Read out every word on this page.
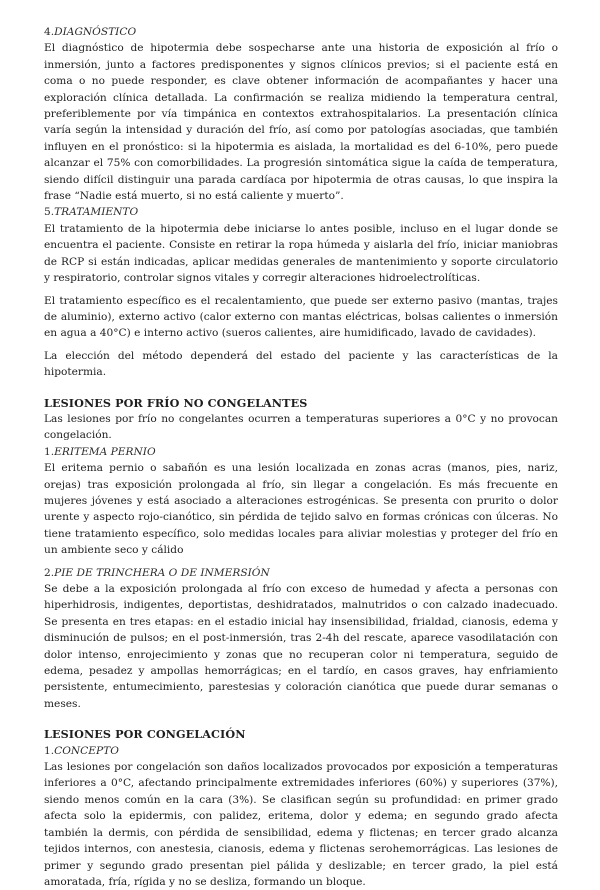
4.DIAGNÓSTICO

El diagnóstico de hipotermia debe sospecharse ante una historia de exposición al frío o inmersión, junto a factores predisponentes y signos clínicos previos; si el paciente está en coma o no puede responder, es clave obtener información de acompañantes y hacer una exploración clínica detallada. La confirmación se realiza midiendo la temperatura central, preferiblemente por vía timpánica en contextos extrahospitalarios. La presentación clínica varía según la intensidad y duración del frío, así como por patologías asociadas, que también influyen en el pronóstico: si la hipotermia es aislada, la mortalidad es del 6-10%, pero puede alcanzar el 75% con comorbilidades. La progresión sintomática sigue la caída de temperatura, siendo difícil distinguir una parada cardíaca por hipotermia de otras causas, lo que inspira la frase “Nadie está muerto, si no está caliente y muerto”.

5.TRATAMIENTO

El tratamiento de la hipotermia debe iniciarse lo antes posible, incluso en el lugar donde se encuentra el paciente. Consiste en retirar la ropa húmeda y aislarla del frío, iniciar maniobras de RCP si están indicadas, aplicar medidas generales de mantenimiento y soporte circulatorio y respiratorio, controlar signos vitales y corregir alteraciones hidroelectrolíticas.

El tratamiento específico es el recalentamiento, que puede ser externo pasivo (mantas, trajes de aluminio), externo activo (calor externo con mantas eléctricas, bolsas calientes o inmersión en agua a 40°C) e interno activo (sueros calientes, aire humidificado, lavado de cavidades).

La elección del método dependerá del estado del paciente y las características de la hipotermia.

LESIONES POR FRÍO NO CONGELANTES

Las lesiones por frío no congelantes ocurren a temperaturas superiores a 0°C y no provocan congelación.

1.ERITEMA PERNIO

El eritema pernio o sabañón es una lesión localizada en zonas acras (manos, pies, nariz, orejas) tras exposición prolongada al frío, sin llegar a congelación. Es más frecuente en mujeres jóvenes y está asociado a alteraciones estrogénicas. Se presenta con prurito o dolor urente y aspecto rojo-cianótico, sin pérdida de tejido salvo en formas crónicas con úlceras. No tiene tratamiento específico, solo medidas locales para aliviar molestias y proteger del frío en un ambiente seco y cálido

2.PIE DE TRINCHERA O DE INMERSIÓN

Se debe a la exposición prolongada al frío con exceso de humedad y afecta a personas con hiperhidrosis, indigentes, deportistas, deshidratados, malnutridos o con calzado inadecuado. Se presenta en tres etapas: en el estadio inicial hay insensibilidad, frialdad, cianosis, edema y disminución de pulsos; en el post-inmersión, tras 2-4h del rescate, aparece vasodilatación con dolor intenso, enrojecimiento y zonas que no recuperan color ni temperatura, seguido de edema, pesadez y ampollas hemorrágicas; en el tardío, en casos graves, hay enfriamiento persistente, entumecimiento, parestesias y coloración cianótica que puede durar semanas o meses.

LESIONES POR CONGELACIÓN

1.CONCEPTO

Las lesiones por congelación son daños localizados provocados por exposición a temperaturas inferiores a 0°C, afectando principalmente extremidades inferiores (60%) y superiores (37%), siendo menos común en la cara (3%). Se clasifican según su profundidad: en primer grado afecta solo la epidermis, con palidez, eritema, dolor y edema; en segundo grado afecta también la dermis, con pérdida de sensibilidad, edema y flictenas; en tercer grado alcanza tejidos internos, con anestesia, cianosis, edema y flictenas serohemorrágicas. Las lesiones de primer y segundo grado presentan piel pálida y deslizable; en tercer grado, la piel está amoratada, fría, rígida y no se desliza, formando un bloque.
